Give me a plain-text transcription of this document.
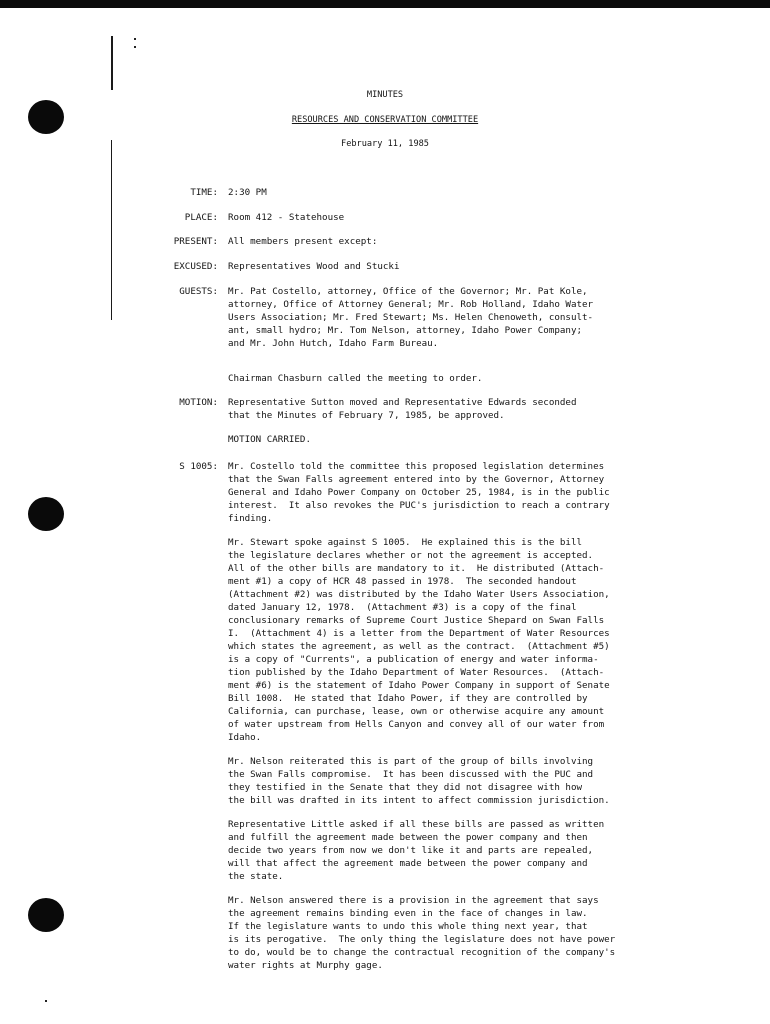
MINUTES
RESOURCES AND CONSERVATION COMMITTEE
February 11, 1985
TIME: 2:30 PM
PLACE: Room 412 - Statehouse
PRESENT: All members present except:
EXCUSED: Representatives Wood and Stucki
GUESTS: Mr. Pat Costello, attorney, Office of the Governor; Mr. Pat Kole,
attorney, Office of Attorney General; Mr. Rob Holland, Idaho Water
Users Association; Mr. Fred Stewart; Ms. Helen Chenoweth, consult-
ant, small hydro; Mr. Tom Nelson, attorney, Idaho Power Company;
and Mr. John Hutch, Idaho Farm Bureau.
Chairman Chasburn called the meeting to order.
MOTION: Representative Sutton moved and Representative Edwards seconded
that the Minutes of February 7, 1985, be approved.
MOTION CARRIED.
S 1005: Mr. Costello told the committee this proposed legislation determines
that the Swan Falls agreement entered into by the Governor, Attorney
General and Idaho Power Company on October 25, 1984, is in the public
interest.  It also revokes the PUC's jurisdiction to reach a contrary
finding.
Mr. Stewart spoke against S 1005.  He explained this is the bill
the legislature declares whether or not the agreement is accepted.
All of the other bills are mandatory to it.  He distributed (Attach-
ment #1) a copy of HCR 48 passed in 1978.  The seconded handout
(Attachment #2) was distributed by the Idaho Water Users Association,
dated January 12, 1978.  (Attachment #3) is a copy of the final
conclusionary remarks of Supreme Court Justice Shepard on Swan Falls
I.  (Attachment 4) is a letter from the Department of Water Resources
which states the agreement, as well as the contract.  (Attachment #5)
is a copy of "Currents", a publication of energy and water informa-
tion published by the Idaho Department of Water Resources.  (Attach-
ment #6) is the statement of Idaho Power Company in support of Senate
Bill 1008.  He stated that Idaho Power, if they are controlled by
California, can purchase, lease, own or otherwise acquire any amount
of water upstream from Hells Canyon and convey all of our water from
Idaho.
Mr. Nelson reiterated this is part of the group of bills involving
the Swan Falls compromise.  It has been discussed with the PUC and
they testified in the Senate that they did not disagree with how
the bill was drafted in its intent to affect commission jurisdiction.
Representative Little asked if all these bills are passed as written
and fulfill the agreement made between the power company and then
decide two years from now we don't like it and parts are repealed,
will that affect the agreement made between the power company and
the state.
Mr. Nelson answered there is a provision in the agreement that says
the agreement remains binding even in the face of changes in law.
If the legislature wants to undo this whole thing next year, that
is its perogative.  The only thing the legislature does not have power
to do, would be to change the contractual recognition of the company's
water rights at Murphy gage.
